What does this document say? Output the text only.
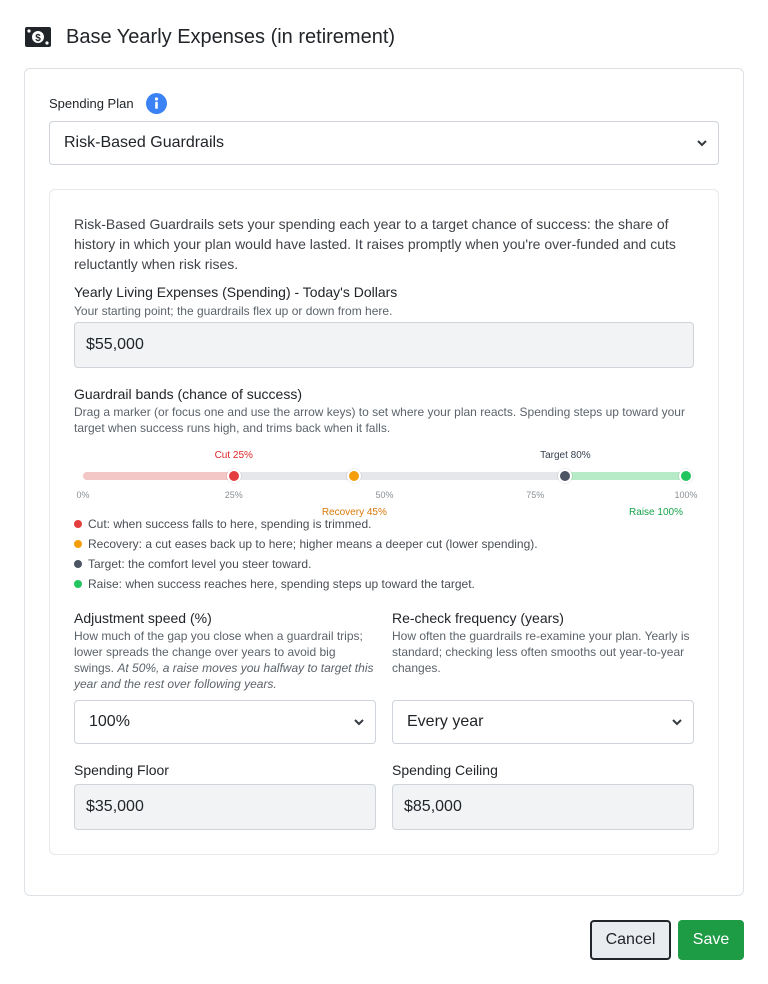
$ Base Yearly Expenses (in retirement)
Spending Plan
Risk-Based Guardrails
Risk-Based Guardrails sets your spending each year to a target chance of success: the share of history in which your plan would have lasted. It raises promptly when you're over-funded and cuts reluctantly when risk rises.
Yearly Living Expenses (Spending) - Today's Dollars
Your starting point; the guardrails flex up or down from here.
$55,000
Guardrail bands (chance of success)
Drag a marker (or focus one and use the arrow keys) to set where your plan reacts. Spending steps up toward your target when success runs high, and trims back when it falls.
Cut 25%	Target 80%
Recovery 45%	Raise 100%
0%	25%	50%	75%	100%
Cut: when success falls to here, spending is trimmed.
Recovery: a cut eases back up to here; higher means a deeper cut (lower spending).
Target: the comfort level you steer toward.
Raise: when success reaches here, spending steps up toward the target.
Adjustment speed (%)
How much of the gap you close when a guardrail trips; lower spreads the change over years to avoid big swings. At 50%, a raise moves you halfway to target this year and the rest over following years.
100%
Re-check frequency (years)
How often the guardrails re-examine your plan. Yearly is standard; checking less often smooths out year-to-year changes.
Every year
Spending Floor
$35,000
Spending Ceiling
$85,000
Cancel	Save
